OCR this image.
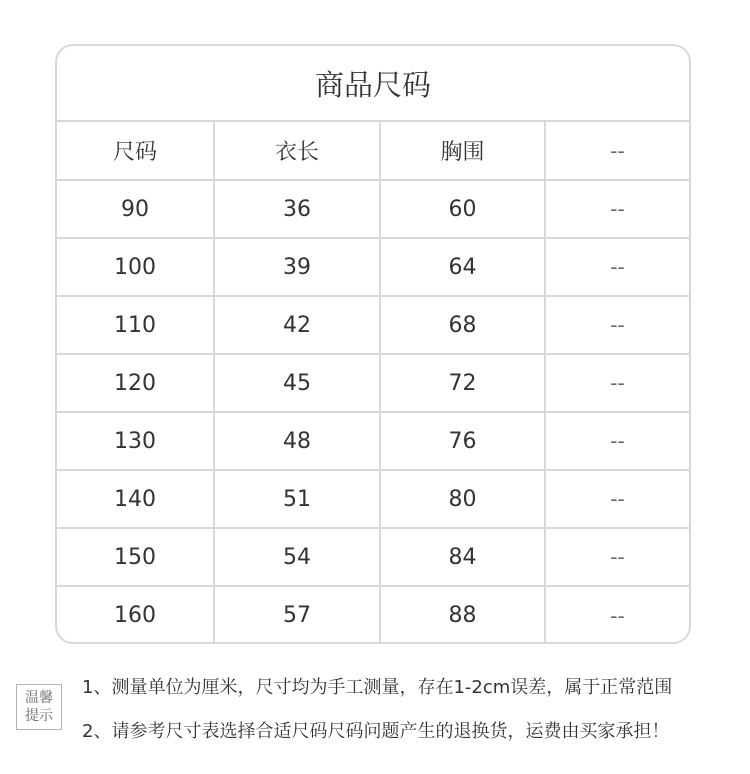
商品尺码
尺码	衣长	胸围	--
90	36	60	--
100	39	64	--
110	42	68	--
120	45	72	--
130	48	76	--
140	51	80	--
150	54	84	--
160	57	88	--
温馨
提示
1、测量单位为厘米，尺寸均为手工测量，存在1-2cm误差，属于正常范围
2、请参考尺寸表选择合适尺码尺码问题产生的退换货，运费由买家承担！
